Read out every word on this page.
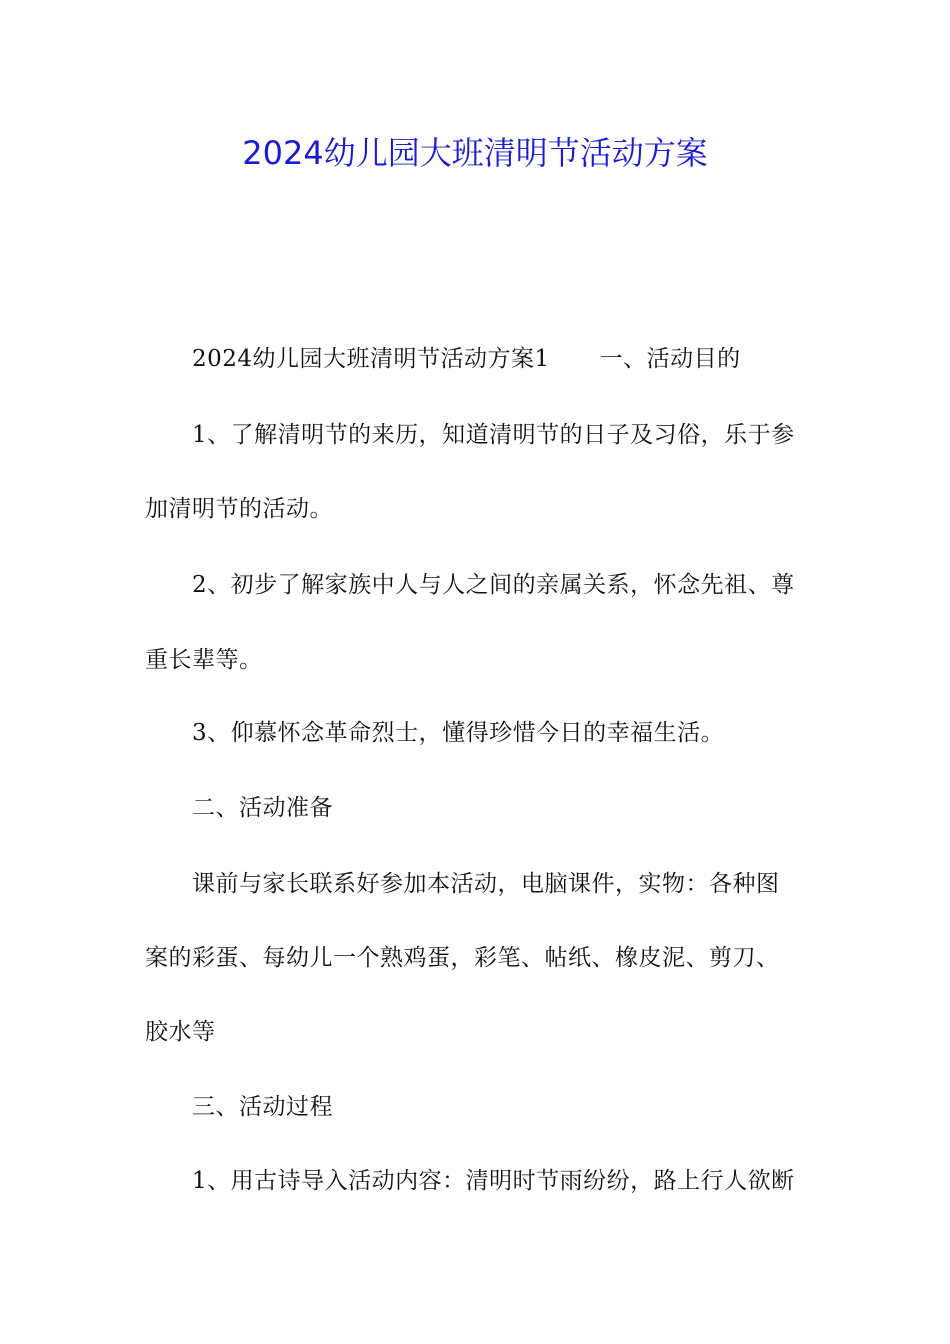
2024幼儿园大班清明节活动方案
2024幼儿园大班清明节活动方案1 一、活动目的
1、了解清明节的来历，知道清明节的日子及习俗，乐于参
加清明节的活动。
2、初步了解家族中人与人之间的亲属关系，怀念先祖、尊
重长辈等。
3、仰慕怀念革命烈士，懂得珍惜今日的幸福生活。
二、活动准备
课前与家长联系好参加本活动，电脑课件，实物：各种图
案的彩蛋、每幼儿一个熟鸡蛋，彩笔、帖纸、橡皮泥、剪刀、
胶水等
三、活动过程
1、用古诗导入活动内容：清明时节雨纷纷，路上行人欲断
